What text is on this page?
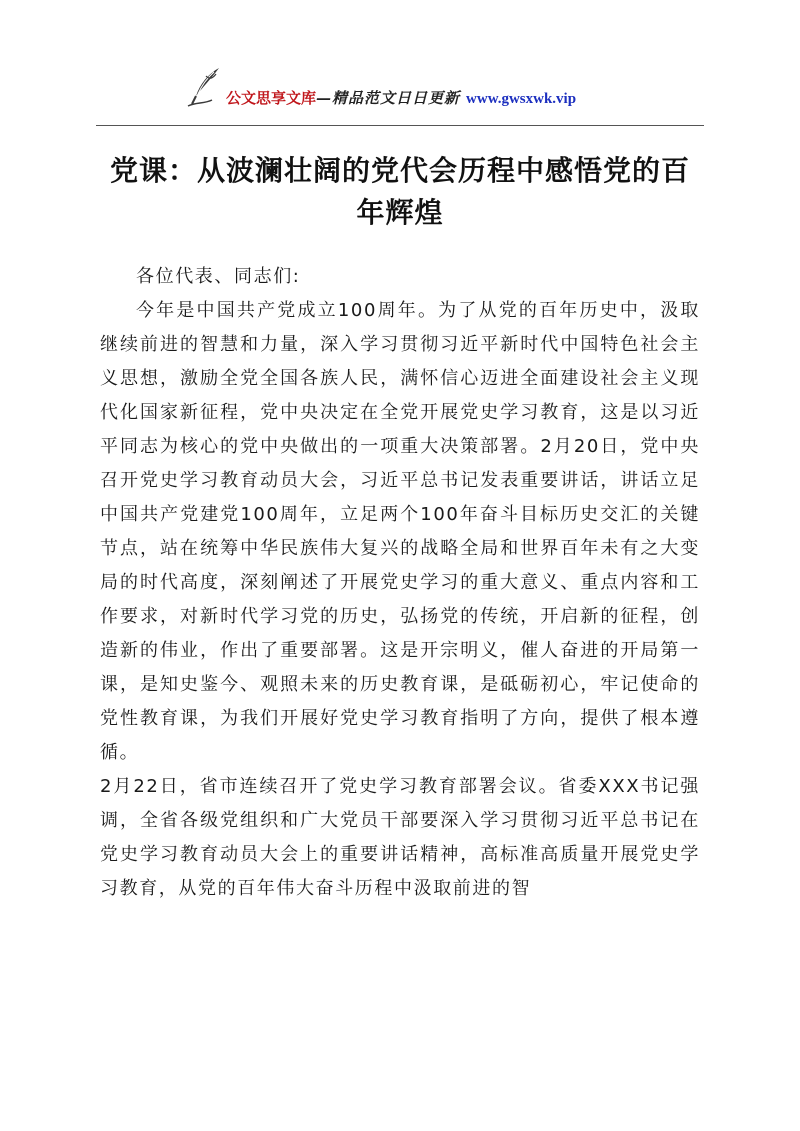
公文思享文库—精品范文日日更新 www.gwsxwk.vip
党课：从波澜壮阔的党代会历程中感悟党的百年辉煌

各位代表、同志们:

今年是中国共产党成立100周年。为了从党的百年历史中，汲取继续前进的智慧和力量，深入学习贯彻习近平新时代中国特色社会主义思想，激励全党全国各族人民，满怀信心迈进全面建设社会主义现代化国家新征程，党中央决定在全党开展党史学习教育，这是以习近平同志为核心的党中央做出的一项重大决策部署。2月20日，党中央召开党史学习教育动员大会，习近平总书记发表重要讲话，讲话立足中国共产党建党100周年，立足两个100年奋斗目标历史交汇的关键节点，站在统筹中华民族伟大复兴的战略全局和世界百年未有之大变局的时代高度，深刻阐述了开展党史学习的重大意义、重点内容和工作要求，对新时代学习党的历史，弘扬党的传统，开启新的征程，创造新的伟业，作出了重要部署。这是开宗明义，催人奋进的开局第一课，是知史鉴今、观照未来的历史教育课，是砥砺初心，牢记使命的党性教育课，为我们开展好党史学习教育指明了方向，提供了根本遵循。

2月22日，省市连续召开了党史学习教育部署会议。省委XXX书记强调，全省各级党组织和广大党员干部要深入学习贯彻习近平总书记在党史学习教育动员大会上的重要讲话精神，高标准高质量开展党史学习教育，从党的百年伟大奋斗历程中汲取前进的智
